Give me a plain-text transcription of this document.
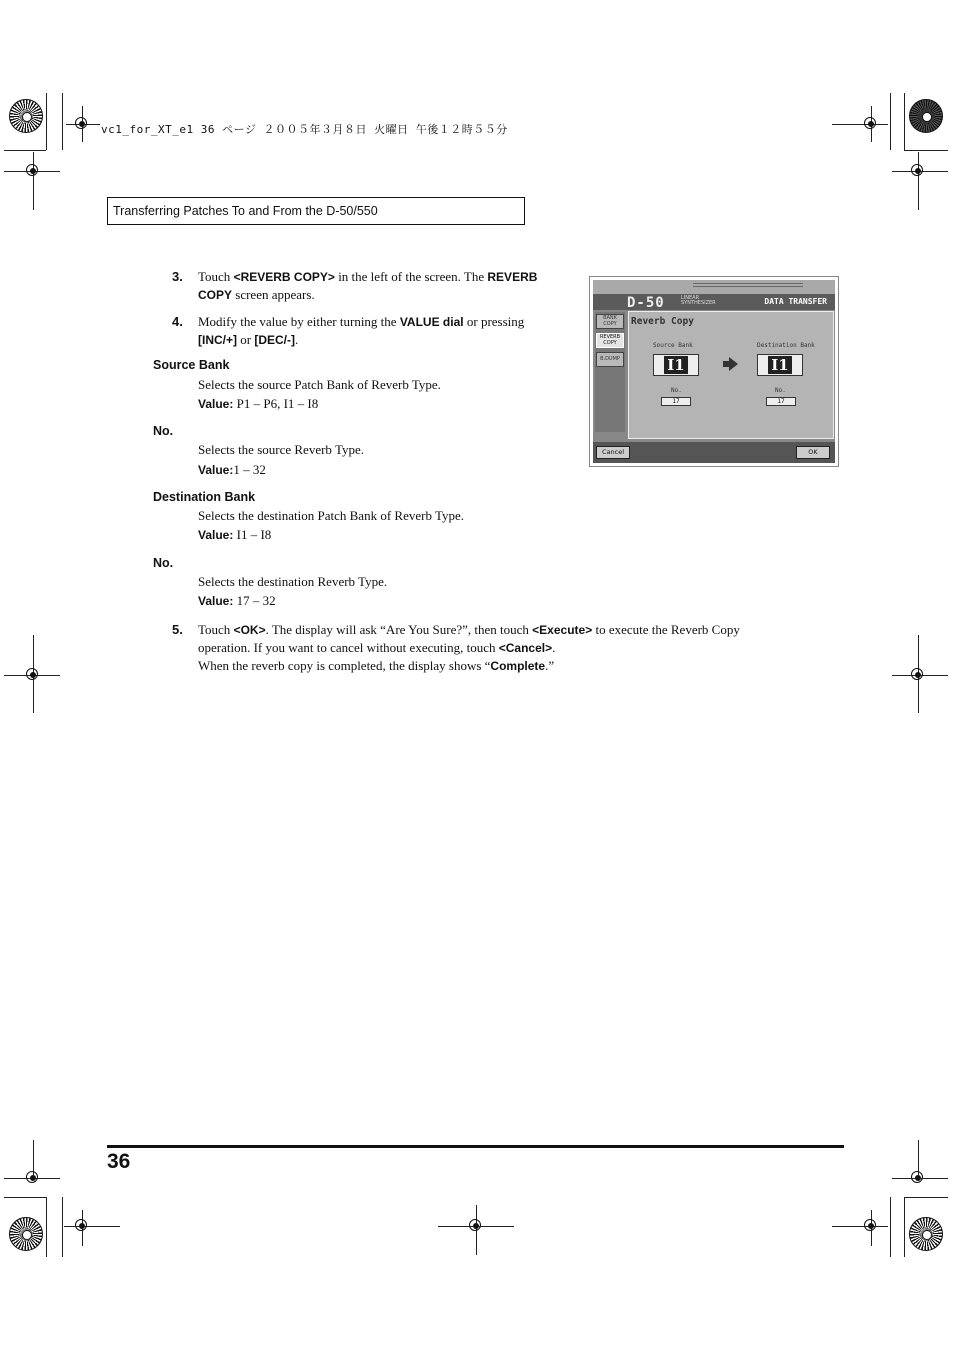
vc1_for_XT_e1 36 ページ ２００５年３月８日 火曜日 午後１２時５５分
Transferring Patches To and From the D-50/550
3. Touch <REVERB COPY> in the left of the screen. The REVERB
COPY screen appears.
4. Modify the value by either turning the VALUE dial or pressing
[INC/+] or [DEC/-].
Source Bank
Selects the source Patch Bank of Reverb Type.
Value: P1 – P6, I1 – I8
No.
Selects the source Reverb Type.
Value:1 – 32
Destination Bank
Selects the destination Patch Bank of Reverb Type.
Value: I1 – I8
No.
Selects the destination Reverb Type.
Value: 17 – 32
5. Touch <OK>. The display will ask “Are You Sure?”, then touch <Execute> to execute the Reverb Copy
operation. If you want to cancel without executing, touch <Cancel>.
When the reverb copy is completed, the display shows “Complete.”
D-50	LINEAR
SYNTHESIZER	DATA TRANSFER
BANK COPY
REVERB COPY
B.DUMP
Reverb Copy
Source Bank	Destination Bank
I1	I1
No.	No.
17	17
Cancel	OK
36
